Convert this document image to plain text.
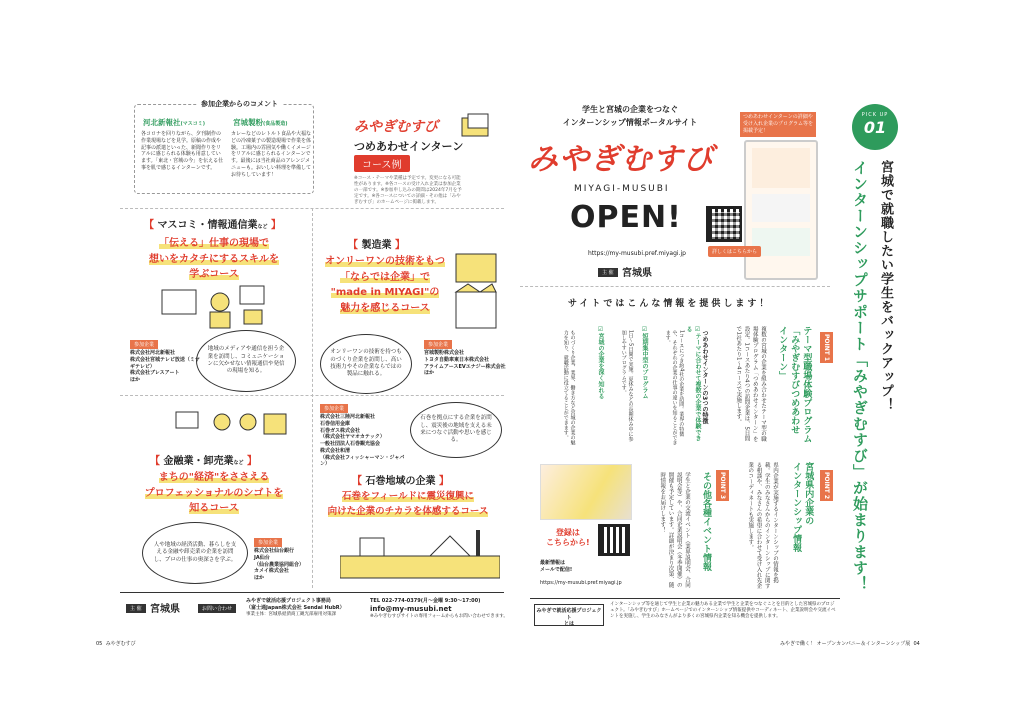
参加企業からのコメント
河北新報社(マスコミ)
各コロナを回りながら、夕刊制作の作業現場などを見学。原稿の作成や記事の派遣といった、新聞作りをリアルに感じられる体験も用意しています。「東北・宮城の今」を伝える仕事を肌で感じるインターンです。
宮城製粉(食品製造)
カレーなどのレトルト食品や大福などの冷凍菓子の製造現場で作業を体験。工場内の雰囲気や働くイメージをリアルに感じられるインターンです。最後には当社商品のアレンジメニューも。おいしい料理を準備してお待ちしています！
みやぎむすび
つめあわせインターン
コース例
※コース・テーマや業種は予定です。変更になる可能性があります。※各コースの受け入れ企業は参加企業の一部です。※参加申し込みの期間は2024年7月を予定です。※各コースについての詳細・その他は「みやぎむすび」のホームページに掲載します。
【 マスコミ・情報通信業など 】
「伝える」仕事の現場で
想いをカタチにするスキルを
学ぶコース
地域のメディアや通信を担う企業を訪問し、コミュニケーションに欠かせない情報通信や発信の現場を知る。
参加企業
株式会社河北新報社
株式会社宮城テレビ放送（ミヤギテレビ）
株式会社ブレスアート
ほか
【 製造業 】
オンリーワンの技術をもつ
「ならでは企業」で
"made in MIYAGI"の
魅力を感じるコース
オンリーワンの技術を持つものづくり企業を訪問し、高い技術力やその企業ならではの製品に触れる。
参加企業
宮城製粉株式会社
トヨタ自動車東日本株式会社
アライムアースEVエナジー株式会社
ほか
【 金融業・卸売業など 】
まちの"経済"をささえる
プロフェッショナルのシゴトを
知るコース
人や地域の経済活動、暮らしを支える金融や卸売業の企業を訪問し、プロの仕事の奥深さを学ぶ。
参加企業
株式会社仙台銀行
JA仙台
（仙台農業協同組合）
カメイ株式会社
ほか
参加企業
株式会社三陸河北新報社
石巻信用金庫
石巻ガス株式会社
（株式会社ヤマオカテック）
一般社団法人石巻観光協会
株式会社和清
（株式会社フィッシャーマン・ジャパン）
石巻を拠点にする企業を訪問し、震災後の地域を支える未来につなぐ活動や思いを感じる。
【 石巻地域の企業 】
石巻をフィールドに震災復興に
向けた企業のチカラを体感するコース
主 催 宮城県	お問い合わせ
みやぎで就活応援プロジェクト事務局
（富士通Japan株式会社 Sendai HubR）
事業主体：宮城県経済商工観光部雇用対策課
TEL 022-774-0379(月～金曜 9:30～17:00)
info@my-musubi.net
※みやぎむすびサイトの専用フォームからもお問い合わせできます。
05 みやぎむすび
学生と宮城の企業をつなぐ
インターンシップ情報ポータルサイト
みやぎむすび
MIYAGI-MUSUBI
OPEN!
https://my-musubi.pref.miyagi.jp
主 催 宮城県
つめあわせインターンの詳細や受け入れ企業のプログラム等を掲載予定！
詳しくはこちらから
サイトではこんな情報を提供します！
POINT 1
テーマ型職場体験プログラム
「みやぎむすびつめあわせ
インターン」
複数の宮城の企業を組み合わせたテーマ型の職場体験プログラム「つめあわせインターン」を設定。1コースあたり4つの訪問企業は、5日間で1社あたり1～4コースで実施します。
つめあわせインターンの3つの特徴
☑テーマに合わせて複数の企業で体験できる
1コースにつき約4社の企業を訪問。業界の特徴や、それぞれの企業の仕事の違いを知ることができます。
☑短期集中型のプログラム
1日～5日間で実施。夏休みなどの長期休み中に参加しやすいプログラムです。
☑宮城の企業を深く知れる
ものづくり企業、業界、働き方など宮城の企業の魅力を知り、就職活動に役立てることができます。
POINT 2
宮城県内企業の
インターンシップ情報
県内企業が実施するインターンシップの情報を掲載。学生のみなさんからのインターンシップに関する相談や、みなさんの希望に合わせて受け入れ先企業のコーディネートも実施します。
POINT 3
その他各種イベント情報
学生と企業の交流イベント（業界説明会、合同説明会等）や、合同企業説明会（冬季開催）の開催も予定しています。詳細が決まり次第、随時情報をお届けします！
登録は
こちらから!
最新情報は
メールで配信!
https://my-musubi.pref.miyagi.jp
みやぎで就活応援プロジェクト
とは
インターンシップ等を通じて学生と企業の魅力ある企業で学生と企業をつなぐことを目的とした宮城県のプロジェクト。「みやぎむすび」ホームページでのインターンシップ情報提供やコーディネート、企業説明会や交流イベントを実施し、学生のみなさんがより多くの宮城県内企業を知る機会を提供します。
PICK UP
01
宮城で就職したい学生をバックアップ！
インターンシップサポート「みやぎむすび」が始まります！
みやぎで働く！ オープンカンパニー＆インターンシップ展 04
